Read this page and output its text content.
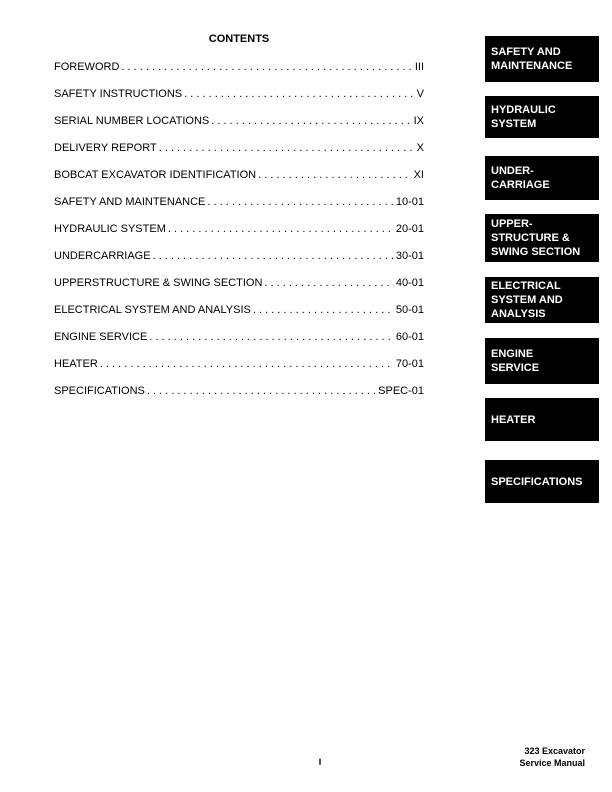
CONTENTS
FOREWORD . . .	III
SAFETY INSTRUCTIONS . . .	V
SERIAL NUMBER LOCATIONS . . .	IX
DELIVERY REPORT . . .	X
BOBCAT EXCAVATOR IDENTIFICATION . . .	XI
SAFETY AND MAINTENANCE . . .	10-01
HYDRAULIC SYSTEM . . .	20-01
UNDERCARRIAGE . . .	30-01
UPPERSTRUCTURE & SWING SECTION . . .	40-01
ELECTRICAL SYSTEM AND ANALYSIS . . .	50-01
ENGINE SERVICE . . .	60-01
HEATER . . .	70-01
SPECIFICATIONS . . .	SPEC-01
SAFETY AND
MAINTENANCE
HYDRAULIC
SYSTEM
UNDER-
CARRIAGE
UPPER-
STRUCTURE &
SWING SECTION
ELECTRICAL
SYSTEM AND
ANALYSIS
ENGINE
SERVICE
HEATER
SPECIFICATIONS
I
323 Excavator
Service Manual
